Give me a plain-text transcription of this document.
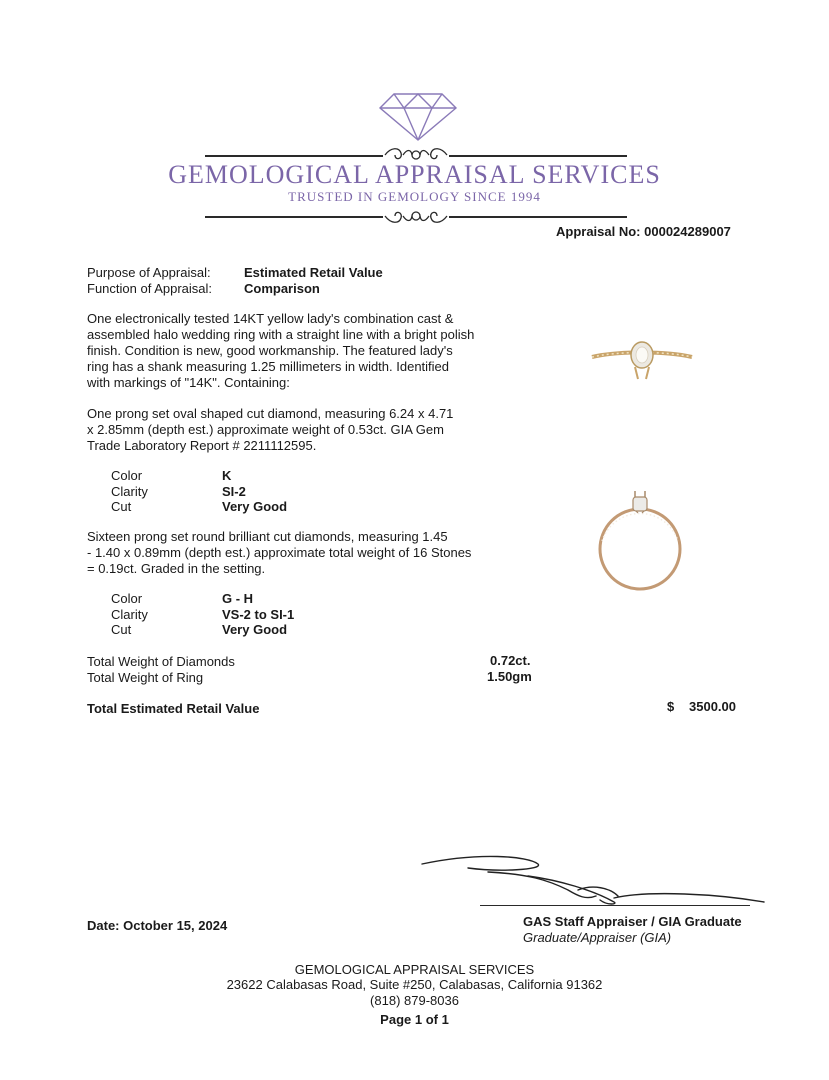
GEMOLOGICAL APPRAISAL SERVICES
TRUSTED IN GEMOLOGY SINCE 1994
Appraisal No: 000024289007
Purpose of Appraisal:	Estimated Retail Value
Function of Appraisal: Comparison
One electronically tested 14KT yellow lady's combination cast &
assembled halo wedding ring with a straight line with a bright polish
finish. Condition is new, good workmanship. The featured lady's
ring has a shank measuring 1.25 millimeters in width. Identified
with markings of "14K". Containing:
One prong set oval shaped cut diamond, measuring 6.24 x 4.71
x 2.85mm (depth est.) approximate weight of 0.53ct. GIA Gem
Trade Laboratory Report # 2211112595.
Color	K
Clarity	SI-2
Cut	Very Good
Sixteen prong set round brilliant cut diamonds, measuring 1.45
- 1.40 x 0.89mm (depth est.) approximate total weight of 16 Stones
= 0.19ct. Graded in the setting.
Color	G - H
Clarity	VS-2 to SI-1
Cut	Very Good
Total Weight of Diamonds	0.72ct.
Total Weight of Ring	1.50gm
Total Estimated Retail Value	$ 3500.00
Date: October 15, 2024	GAS Staff Appraiser / GIA Graduate
Graduate/Appraiser (GIA)
GEMOLOGICAL APPRAISAL SERVICES
23622 Calabasas Road, Suite #250, Calabasas, California 91362
(818) 879-8036
Page 1 of 1
